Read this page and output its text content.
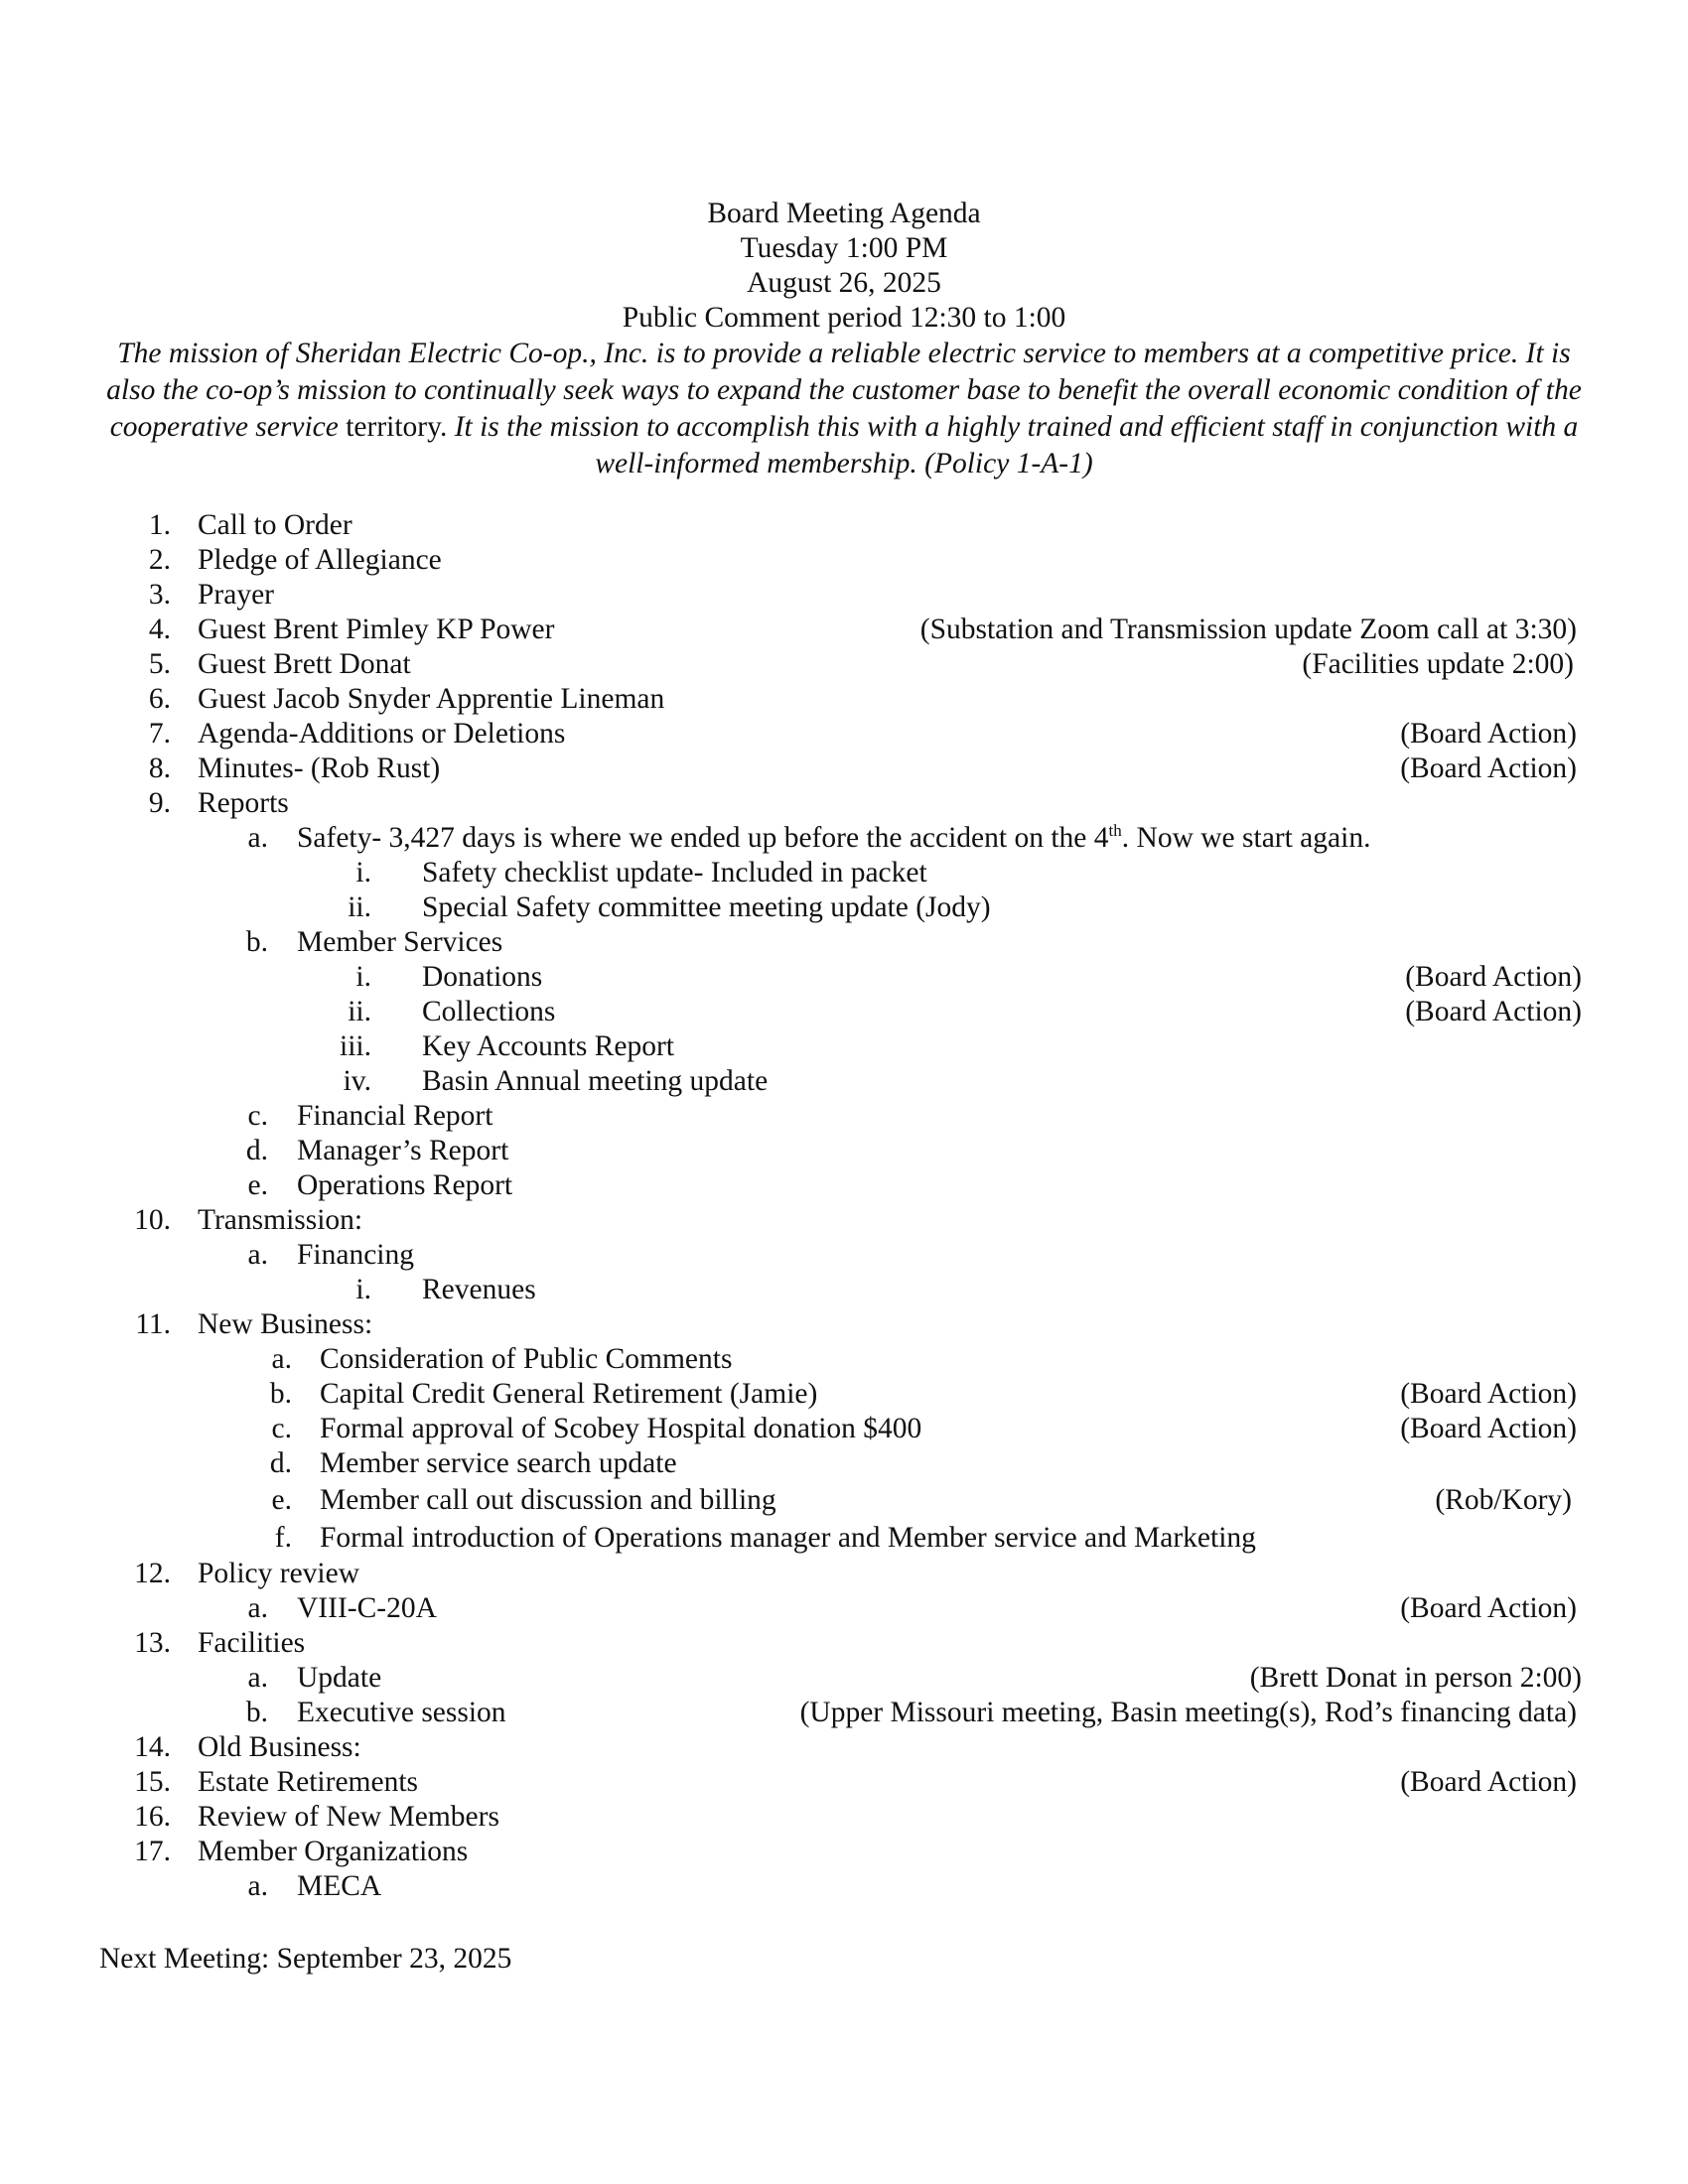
Board Meeting Agenda
Tuesday 1:00 PM
August 26, 2025
Public Comment period 12:30 to 1:00
The mission of Sheridan Electric Co-op., Inc. is to provide a reliable electric service to members at a competitive price. It is also the co-op’s mission to continually seek ways to expand the customer base to benefit the overall economic condition of the cooperative service territory. It is the mission to accomplish this with a highly trained and efficient staff in conjunction with a well-informed membership. (Policy 1-A-1)
1. Call to Order
2. Pledge of Allegiance
3. Prayer
4. Guest Brent Pimley KP Power	(Substation and Transmission update Zoom call at 3:30)
5. Guest Brett Donat	(Facilities update 2:00)
6. Guest Jacob Snyder Apprentie Lineman
7. Agenda-Additions or Deletions	(Board Action)
8. Minutes- (Rob Rust)	(Board Action)
9. Reports
a. Safety- 3,427 days is where we ended up before the accident on the 4th. Now we start again.
i. Safety checklist update- Included in packet
ii. Special Safety committee meeting update (Jody)
b. Member Services
i. Donations	(Board Action)
ii. Collections	(Board Action)
iii. Key Accounts Report
iv. Basin Annual meeting update
c. Financial Report
d. Manager’s Report
e. Operations Report
10. Transmission:
a. Financing
i. Revenues
11. New Business:
a. Consideration of Public Comments
b. Capital Credit General Retirement (Jamie)	(Board Action)
c. Formal approval of Scobey Hospital donation $400	(Board Action)
d. Member service search update
e. Member call out discussion and billing	(Rob/Kory)
f. Formal introduction of Operations manager and Member service and Marketing
12. Policy review
a. VIII-C-20A	(Board Action)
13. Facilities
a. Update	(Brett Donat in person 2:00)
b. Executive session	(Upper Missouri meeting, Basin meeting(s), Rod’s financing data)
14. Old Business:
15. Estate Retirements	(Board Action)
16. Review of New Members
17. Member Organizations
a. MECA
Next Meeting: September 23, 2025
